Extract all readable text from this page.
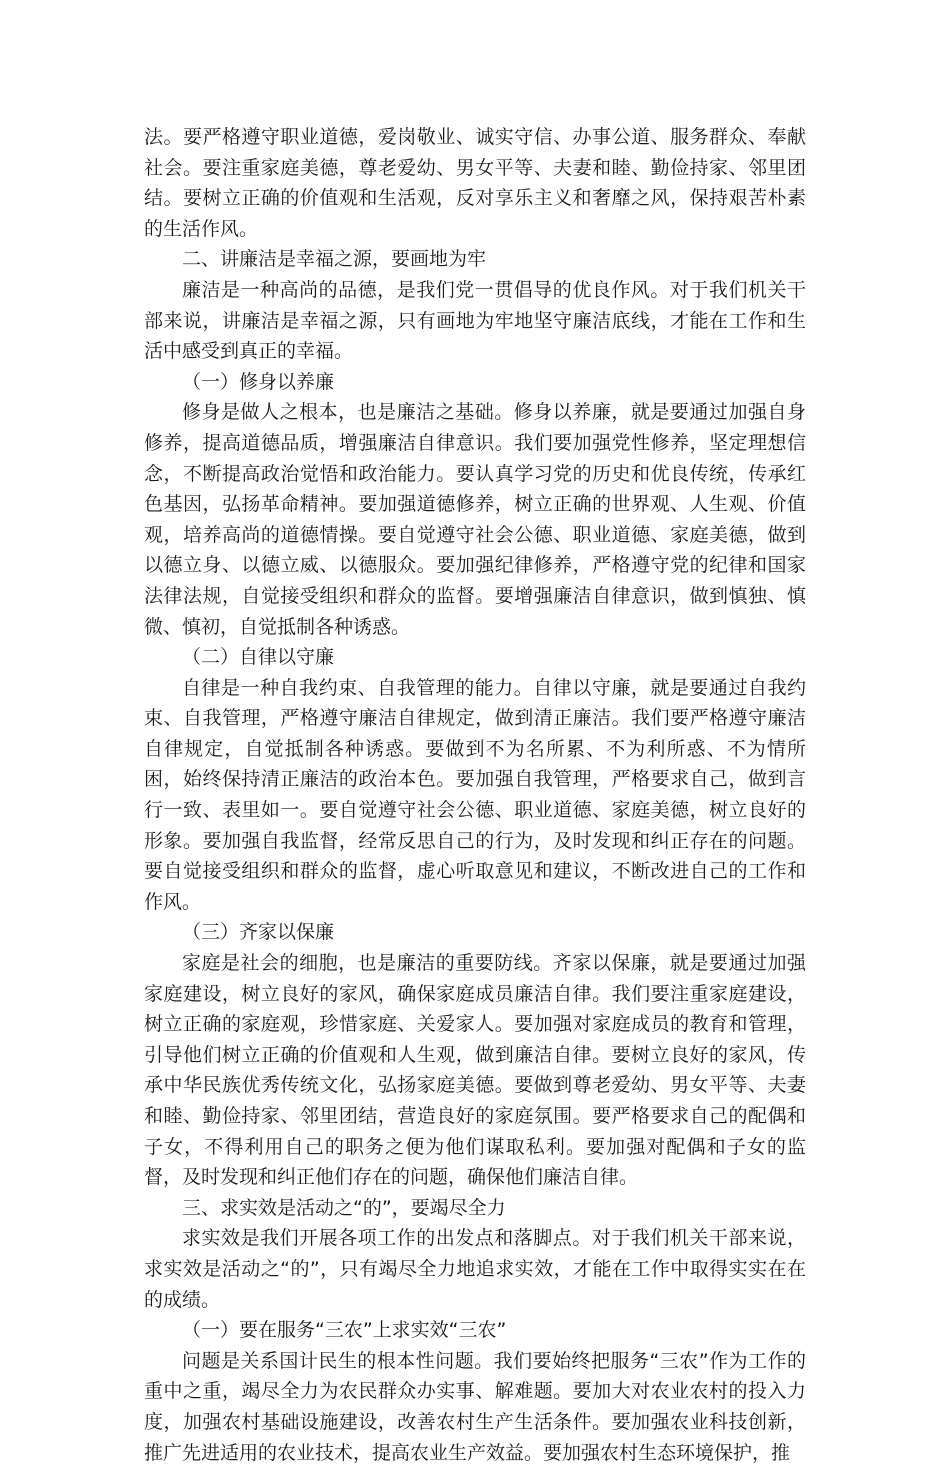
法。要严格遵守职业道德，爱岗敬业、诚实守信、办事公道、服务群众、奉献社会。要注重家庭美德，尊老爱幼、男女平等、夫妻和睦、勤俭持家、邻里团结。要树立正确的价值观和生活观，反对享乐主义和奢靡之风，保持艰苦朴素的生活作风。

二、讲廉洁是幸福之源，要画地为牢

廉洁是一种高尚的品德，是我们党一贯倡导的优良作风。对于我们机关干部来说，讲廉洁是幸福之源，只有画地为牢地坚守廉洁底线，才能在工作和生活中感受到真正的幸福。

（一）修身以养廉

修身是做人之根本，也是廉洁之基础。修身以养廉，就是要通过加强自身修养，提高道德品质，增强廉洁自律意识。我们要加强党性修养，坚定理想信念，不断提高政治觉悟和政治能力。要认真学习党的历史和优良传统，传承红色基因，弘扬革命精神。要加强道德修养，树立正确的世界观、人生观、价值观，培养高尚的道德情操。要自觉遵守社会公德、职业道德、家庭美德，做到以德立身、以德立威、以德服众。要加强纪律修养，严格遵守党的纪律和国家法律法规，自觉接受组织和群众的监督。要增强廉洁自律意识，做到慎独、慎微、慎初，自觉抵制各种诱惑。

（二）自律以守廉

自律是一种自我约束、自我管理的能力。自律以守廉，就是要通过自我约束、自我管理，严格遵守廉洁自律规定，做到清正廉洁。我们要严格遵守廉洁自律规定，自觉抵制各种诱惑。要做到不为名所累、不为利所惑、不为情所困，始终保持清正廉洁的政治本色。要加强自我管理，严格要求自己，做到言行一致、表里如一。要自觉遵守社会公德、职业道德、家庭美德，树立良好的形象。要加强自我监督，经常反思自己的行为，及时发现和纠正存在的问题。要自觉接受组织和群众的监督，虚心听取意见和建议，不断改进自己的工作和作风。

（三）齐家以保廉

家庭是社会的细胞，也是廉洁的重要防线。齐家以保廉，就是要通过加强家庭建设，树立良好的家风，确保家庭成员廉洁自律。我们要注重家庭建设，树立正确的家庭观，珍惜家庭、关爱家人。要加强对家庭成员的教育和管理，引导他们树立正确的价值观和人生观，做到廉洁自律。要树立良好的家风，传承中华民族优秀传统文化，弘扬家庭美德。要做到尊老爱幼、男女平等、夫妻和睦、勤俭持家、邻里团结，营造良好的家庭氛围。要严格要求自己的配偶和子女，不得利用自己的职务之便为他们谋取私利。要加强对配偶和子女的监督，及时发现和纠正他们存在的问题，确保他们廉洁自律。

三、求实效是活动之“的”，要竭尽全力

求实效是我们开展各项工作的出发点和落脚点。对于我们机关干部来说，求实效是活动之“的”，只有竭尽全力地追求实效，才能在工作中取得实实在在的成绩。

（一）要在服务“三农”上求实效“三农”

问题是关系国计民生的根本性问题。我们要始终把服务“三农”作为工作的重中之重，竭尽全力为农民群众办实事、解难题。要加大对农业农村的投入力度，加强农村基础设施建设，改善农村生产生活条件。要加强农业科技创新，推广先进适用的农业技术，提高农业生产效益。要加强农村生态环境保护，推
